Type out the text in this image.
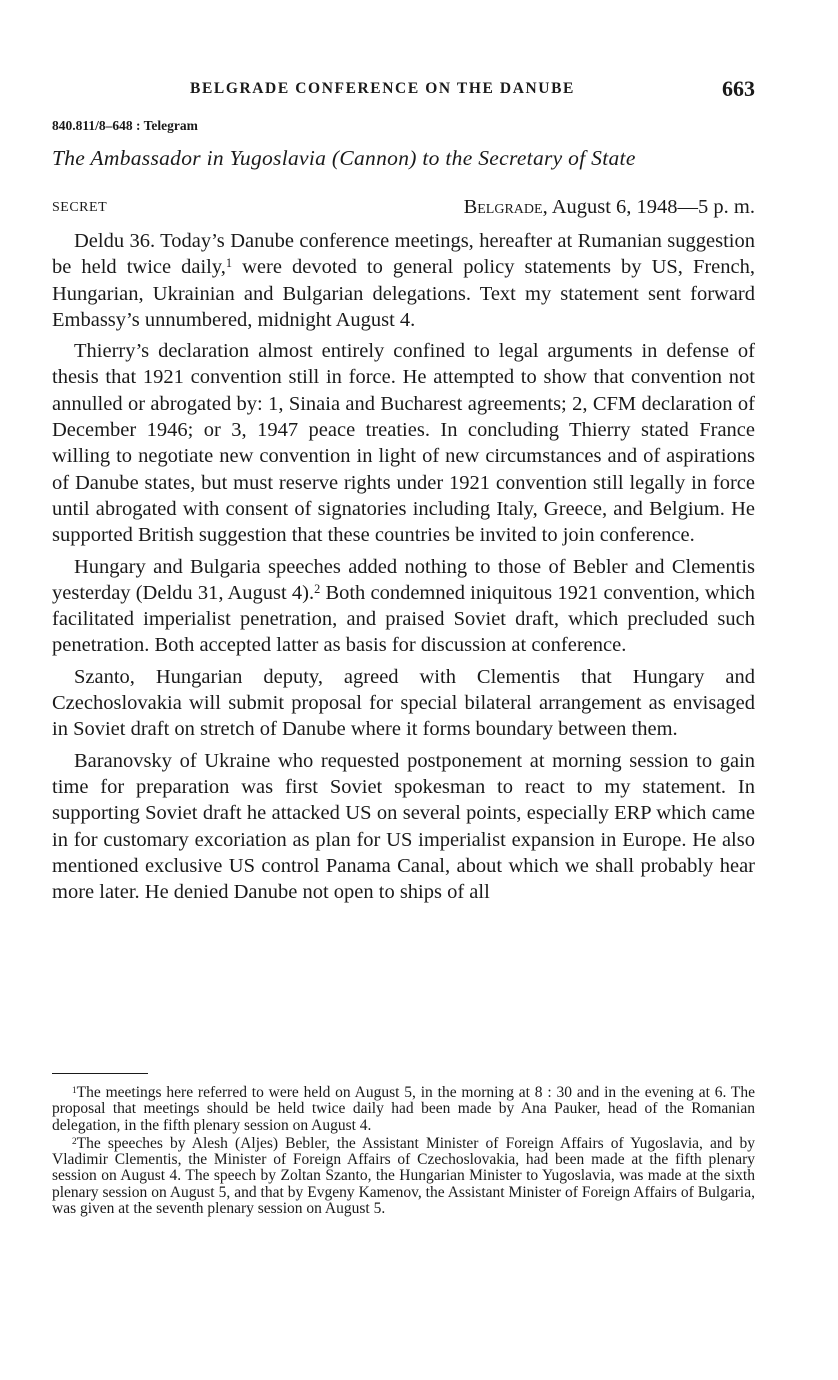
BELGRADE CONFERENCE ON THE DANUBE	663
840.811/8–648 : Telegram
The Ambassador in Yugoslavia (Cannon) to the Secretary of State
SECRET	Belgrade, August 6, 1948—5 p. m.

Deldu 36. Today’s Danube conference meetings, hereafter at Rumanian suggestion be held twice daily,$^1$ were devoted to general policy statements by US, French, Hungarian, Ukrainian and Bulgarian delegations. Text my statement sent forward Embassy’s unnumbered, midnight August 4.

Thierry’s declaration almost entirely confined to legal arguments in defense of thesis that 1921 convention still in force. He attempted to show that convention not annulled or abrogated by: 1, Sinaia and Bucharest agreements; 2, CFM declaration of December 1946; or 3, 1947 peace treaties. In concluding Thierry stated France willing to negotiate new convention in light of new circumstances and of aspirations of Danube states, but must reserve rights under 1921 convention still legally in force until abrogated with consent of signatories including Italy, Greece, and Belgium. He supported British suggestion that these countries be invited to join conference.

Hungary and Bulgaria speeches added nothing to those of Bebler and Clementis yesterday (Deldu 31, August 4).$^2$ Both condemned iniquitous 1921 convention, which facilitated imperialist penetration, and praised Soviet draft, which precluded such penetration. Both accepted latter as basis for discussion at conference.

Szanto, Hungarian deputy, agreed with Clementis that Hungary and Czechoslovakia will submit proposal for special bilateral arrangement as envisaged in Soviet draft on stretch of Danube where it forms boundary between them.

Baranovsky of Ukraine who requested postponement at morning session to gain time for preparation was first Soviet spokesman to react to my statement. In supporting Soviet draft he attacked US on several points, especially ERP which came in for customary excoriation as plan for US imperialist expansion in Europe. He also mentioned exclusive US control Panama Canal, about which we shall probably hear more later. He denied Danube not open to ships of all

$^1$The meetings here referred to were held on August 5, in the morning at 8 : 30 and in the evening at 6. The proposal that meetings should be held twice daily had been made by Ana Pauker, head of the Romanian delegation, in the fifth plenary session on August 4.

$^2$The speeches by Alesh (Aljes) Bebler, the Assistant Minister of Foreign Affairs of Yugoslavia, and by Vladimir Clementis, the Minister of Foreign Affairs of Czechoslovakia, had been made at the fifth plenary session on August 4. The speech by Zoltan Szanto, the Hungarian Minister to Yugoslavia, was made at the sixth plenary session on August 5, and that by Evgeny Kamenov, the Assistant Minister of Foreign Affairs of Bulgaria, was given at the seventh plenary session on August 5.
